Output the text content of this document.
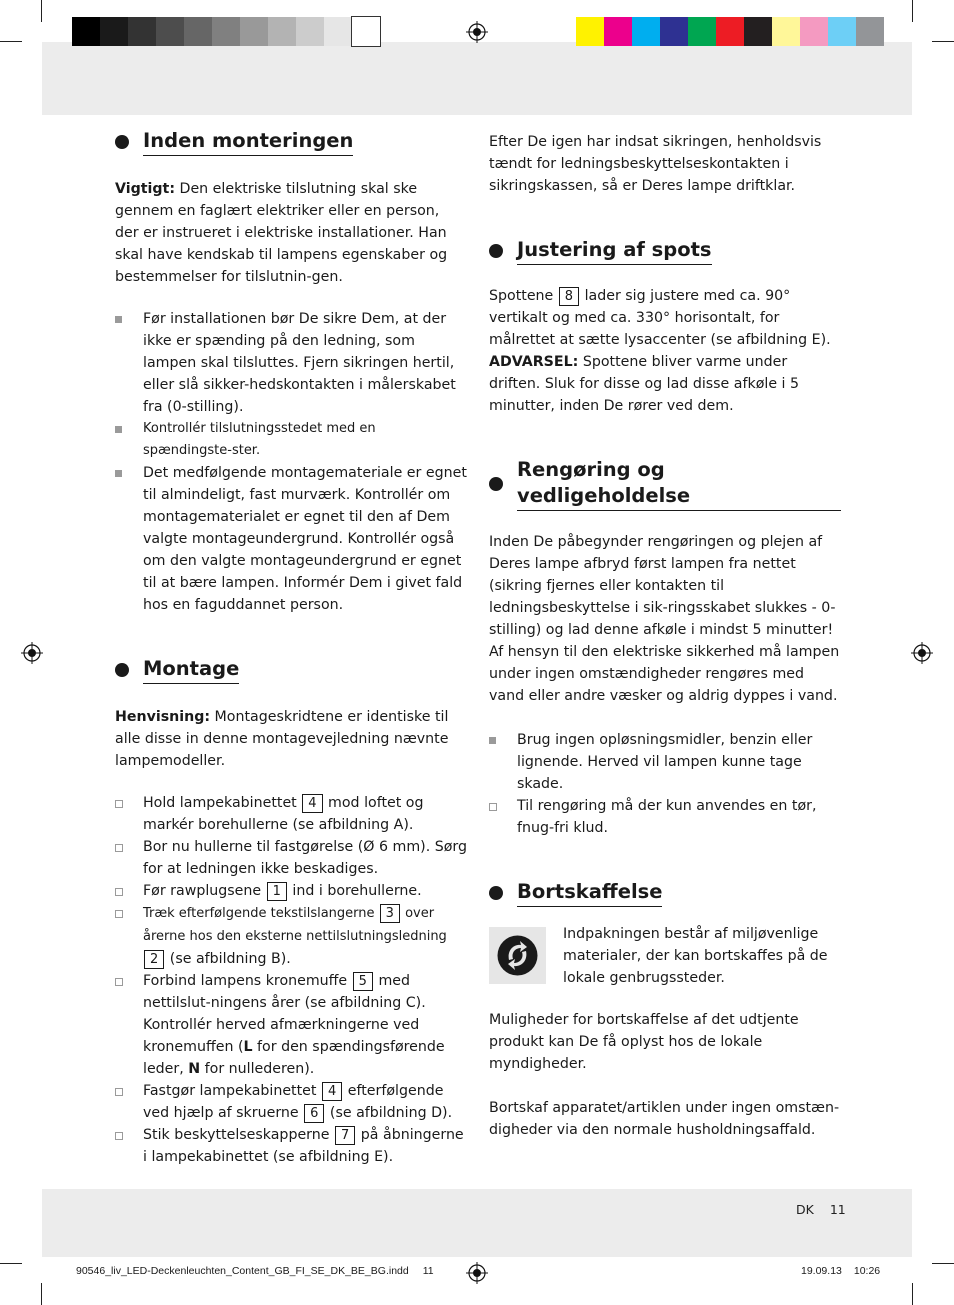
Inden monteringen

Vigtigt: Den elektriske tilslutning skal ske gennem en faglært elektriker eller en person, der er instrueret i elektriske installationer. Han skal have kendskab til lampens egenskaber og bestemmelser for tilslutnin-gen.

Før installationen bør De sikre Dem, at der ikke er spænding på den ledning, som lampen skal tilsluttes. Fjern sikringen hertil, eller slå sikker-hedskontakten i målerskabet fra (0-stilling).
Kontrollér tilslutningsstedet med en spændingste-ster.
Det medfølgende montagemateriale er egnet til almindeligt, fast murværk. Kontrollér om montagematerialet er egnet til den af Dem valgte montageundergrund. Kontrollér også om den valgte montageundergrund er egnet til at bære lampen. Informér Dem i givet fald hos en faguddannet person.
Montage

Henvisning: Montageskridtene er identiske til alle disse in denne montagevejledning nævnte lampemodeller.

Hold lampekabinettet 4 mod loftet og markér borehullerne (se afbildning A).
Bor nu hullerne til fastgørelse (Ø 6 mm). Sørg for at ledningen ikke beskadiges.
Før rawplugsene 1 ind i borehullerne.
Træk efterfølgende tekstilslangerne 3 over årerne hos den eksterne nettilslutningsledning 2 (se afbildning B).
Forbind lampens kronemuffe 5 med nettilslut-ningens årer (se afbildning C). Kontrollér herved afmærkningerne ved kronemuffen (L for den spændingsførende leder, N for nullederen).
Fastgør lampekabinettet 4 efterfølgende ved hjælp af skruerne 6 (se afbildning D).
Stik beskyttelseskapperne 7 på åbningerne i lampekabinettet (se afbildning E).

Efter De igen har indsat sikringen, henholdsvis tændt for ledningsbeskyttelseskontakten i sikringskassen, så er Deres lampe driftklar.

Justering af spots

Spottene 8 lader sig justere med ca. 90° vertikalt og med ca. 330° horisontalt, for målrettet at sætte lysaccenter (se afbildning E).

ADVARSEL: Spottene bliver varme under driften. Sluk for disse og lad disse afkøle i 5 minutter, inden De rører ved dem.

Rengøring og vedligeholdelse

Inden De påbegynder rengøringen og plejen af Deres lampe afbryd først lampen fra nettet (sikring fjernes eller kontakten til ledningsbeskyttelse i sik-ringsskabet slukkes - 0-stilling) og lad denne afkøle i mindst 5 minutter!

Af hensyn til den elektriske sikkerhed må lampen under ingen omstændigheder rengøres med vand eller andre væsker og aldrig dyppes i vand.

Brug ingen opløsningsmidler, benzin eller lignende. Herved vil lampen kunne tage skade.
Til rengøring må der kun anvendes en tør, fnug-fri klud.
Bortskaffelse

Indpakningen består af miljøvenlige materialer, der kan bortskaffes på de lokale genbrugssteder.

Muligheder for bortskaffelse af det udtjente produkt kan De få oplyst hos de lokale myndigheder.

Bortskaf apparatet/artiklen under ingen omstæn-digheder via den normale husholdningsaffald.

DK 11
90546_liv_LED-Deckenleuchten_Content_GB_FI_SE_DK_BE_BG.indd 11	19.09.13 10:26
